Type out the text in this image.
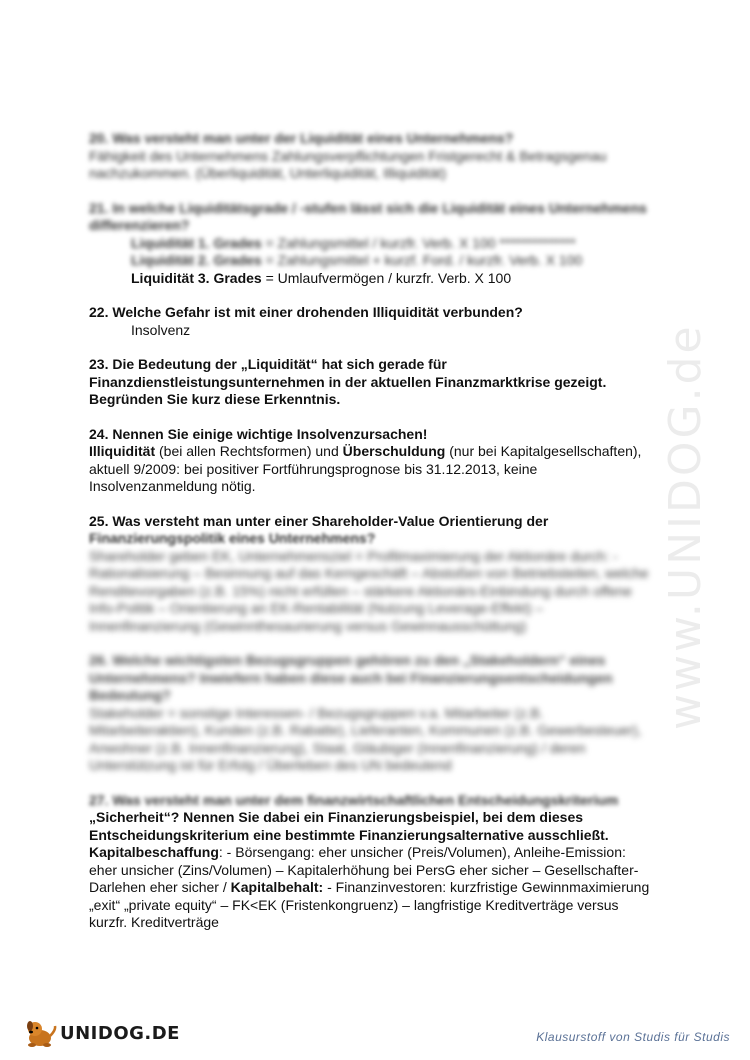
www.UNIDOG.de

20. Was versteht man unter der Liquidität eines Unternehmens?

Fähigkeit des Unternehmens Zahlungsverpflichtungen Fristgerecht & Betragsgenau

nachzukommen. (Überliquidität, Unterliquidität, Illiquidität)

21. In welche Liquiditätsgrade / -stufen lässt sich die Liquidität eines Unternehmens

differenzieren?

Liquidität 1. Grades = Zahlungsmittel / kurzfr. Verb. X 100 **************

Liquidität 2. Grades = Zahlungsmittel + kurzf. Ford. / kurzfr. Verb. X 100

Liquidität 3. Grades = Umlaufvermögen / kurzfr. Verb. X 100

22. Welche Gefahr ist mit einer drohenden Illiquidität verbunden?

Insolvenz

23. Die Bedeutung der „Liquidität“ hat sich gerade für

Finanzdienstleistungsunternehmen in der aktuellen Finanzmarktkrise gezeigt.

Begründen Sie kurz diese Erkenntnis.

24. Nennen Sie einige wichtige Insolvenzursachen!

Illiquidität (bei allen Rechtsformen) und Überschuldung (nur bei Kapitalgesellschaften),

aktuell 9/2009: bei positiver Fortführungsprognose bis 31.12.2013, keine

Insolvenzanmeldung nötig.

25. Was versteht man unter einer Shareholder-Value Orientierung der

Finanzierungspolitik eines Unternehmens?

Shareholder geben EK, Unternehmensziel = Profitmaximierung der Aktionäre durch: -

Rationalisierung – Besinnung auf das Kerngeschäft – Abstoßen von Betriebsteilen, welche

Renditevorgaben (z.B. 15%) nicht erfüllen – stärkere Aktionärs-Einbindung durch offene

Info-Politik – Orientierung an EK-Rentabilität (Nutzung Leverage-Effekt) –

Innenfinanzierung (Gewinnthesaurierung versus Gewinnausschüttung)

26. Welche wichtigsten Bezugsgruppen gehören zu den „Stakeholdern“ eines

Unternehmens? Inwiefern haben diese auch bei Finanzierungsentscheidungen

Bedeutung?

Stakeholder = sonstige Interessen- / Bezugsgruppen v.a. Mitarbeiter (z.B.

Mitarbeiteraktien), Kunden (z.B. Rabatte), Lieferanten, Kommunen (z.B. Gewerbesteuer),

Anwohner (z.B. Innenfinanzierung), Staat, Gläubiger (Innenfinanzierung) / deren

Unterstützung ist für Erfolg / Überleben des UN bedeutend

27. Was versteht man unter dem finanzwirtschaftlichen Entscheidungskriterium

„Sicherheit“? Nennen Sie dabei ein Finanzierungsbeispiel, bei dem dieses

Entscheidungskriterium eine bestimmte Finanzierungsalternative ausschließt.

Kapitalbeschaffung: - Börsengang: eher unsicher (Preis/Volumen), Anleihe-Emission:

eher unsicher (Zins/Volumen) – Kapitalerhöhung bei PersG eher sicher – Gesellschafter-

Darlehen eher sicher / Kapitalbehalt: - Finanzinvestoren: kurzfristige Gewinnmaximierung

„exit“ „private equity“ – FK<EK (Fristenkongruenz) – langfristige Kreditverträge versus

kurzfr. Kreditverträge

UNIDOG.DE	Klausurstoff von Studis für Studis
